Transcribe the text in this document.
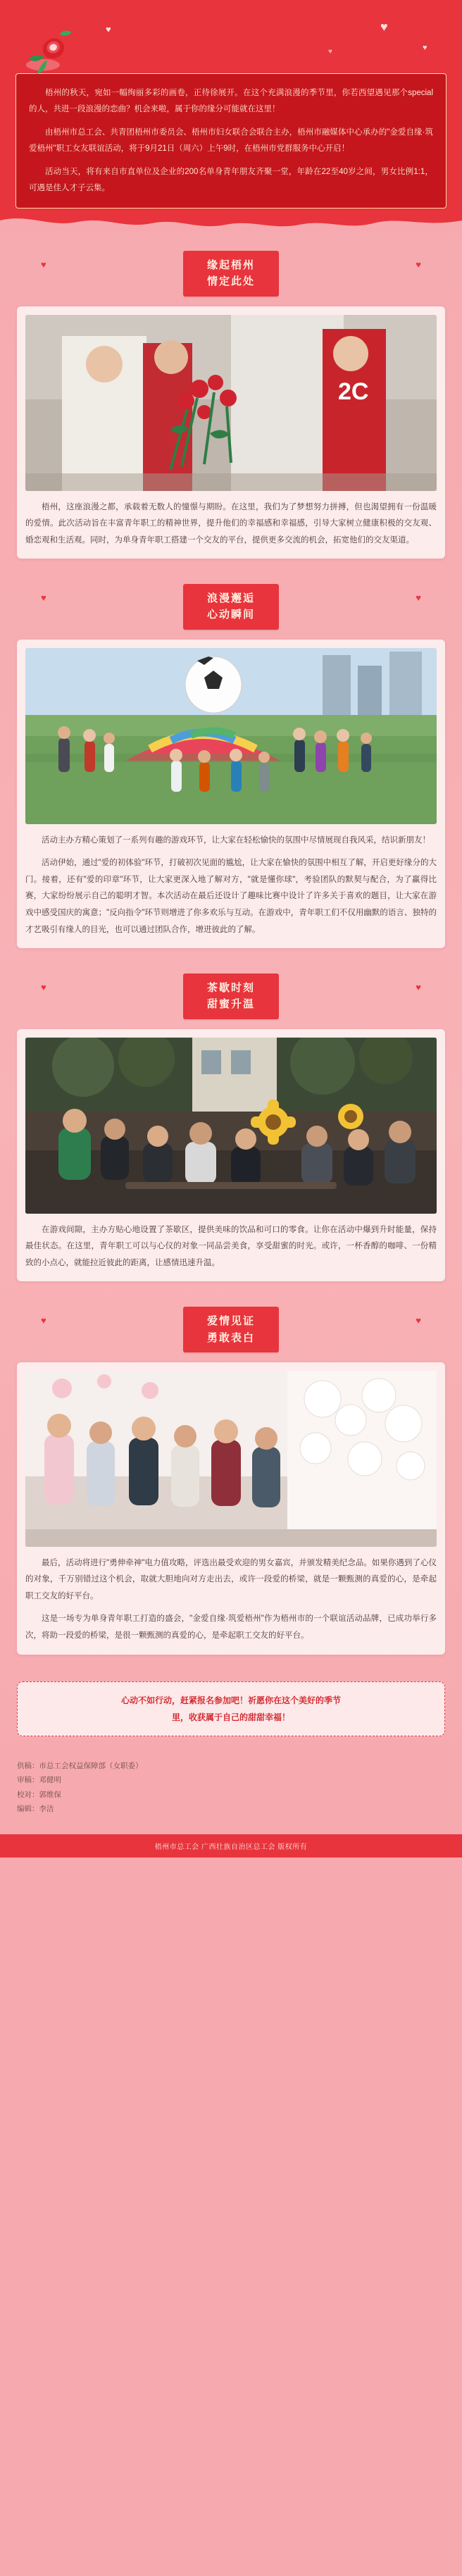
♥	♥
♥
♥

梧州的秋天，宛如一幅绚丽多彩的画卷，正待徐展开。在这个充满浪漫的季节里，你若西望遇见那个special的人，共进一段浪漫的恋曲？机会来啦，属于你的缘分可能就在这里！

由梧州市总工会、共青团梧州市委员会、梧州市妇女联合会联合主办，梧州市融媒体中心承办的"金爱自缘·筑爱梧州"职工女友联谊活动，将于9月21日（周六）上午9时，在梧州市党群服务中心开启！

活动当天，将有来自市直单位及企业的200名单身青年朋友齐聚一堂，年龄在22至40岁之间，男女比例1:1，可遇是佳人才子云集。

♥	♥
缘起梧州
情定此处
2C

梧州，这座浪漫之都，承载着无数人的憧憬与期盼。在这里，我们为了梦想努力拼搏，但也渴望拥有一份温暖的爱情。此次活动旨在丰富青年职工的精神世界，提升他们的幸福感和幸福感，引导大家树立健康积极的交友观、婚恋观和生活观。同时，为单身青年职工搭建一个交友的平台，提供更多交流的机会，拓宽他们的交友渠道。

♥	♥
浪漫邂逅
心动瞬间

活动主办方精心策划了一系列有趣的游戏环节，让大家在轻松愉快的氛围中尽情展现自我风采，结识新朋友！

活动伊始，通过"爱的初体验"环节，打破初次见面的尴尬，让大家在愉快的氛围中相互了解，开启更好缘分的大门。接着，还有"爱的印章"环节，让大家更深入地了解对方，"就是懂你球"，考验团队的默契与配合，为了赢得比赛，大家纷纷展示自己的聪明才智。本次活动在最后还设计了趣味比赛中设计了许多关于喜欢的题目，让大家在游戏中感受国庆的寓意；"反向指令"环节则增进了你多欢乐与互动。在游戏中，青年职工们不仅用幽默的语言、独特的才艺吸引有缘人的目光，也可以通过团队合作，增进彼此的了解。

♥	♥
茶歇时刻
甜蜜升温

在游戏间隙，主办方贴心地设置了茶歇区，提供美味的饮品和可口的零食。让你在活动中爆到升时能量，保持最佳状态。在这里，青年职工可以与心仪的对象一同品尝美食，享受甜蜜的时光。或许，一杯香醇的咖啡、一份精致的小点心，就能拉近彼此的距离，让感情迅速升温。

♥	♥
爱情见证
勇敢表白

最后，活动将进行"勇伸牵神"电力值攻略，评选出最受欢迎的男女嘉宾，并颁发精美纪念品。如果你遇到了心仪的对象，千万别错过这个机会，取就大胆地向对方走出去，或许一段爱的桥梁，就是一颗甄测的真爱的心，是牵起职工交友的好平台。

这是一场专为单身青年职工打造的盛会，"金爱自缘·筑爱梧州"作为梧州市的一个联谊活动品牌，已成功举行多次，将助一段爱的桥梁，是很一颗甄测的真爱的心，是牵起职工交友的好平台。

心动不如行动，赶紧报名参加吧！祈愿你在这个美好的季节
里，收获属于自己的甜甜幸福！
供稿：市总工会权益保障部（女职委）
审稿：邓健明
校对：郭维保
编辑：李洁
梧州市总工会 广西壮族自治区总工会 版权所有
